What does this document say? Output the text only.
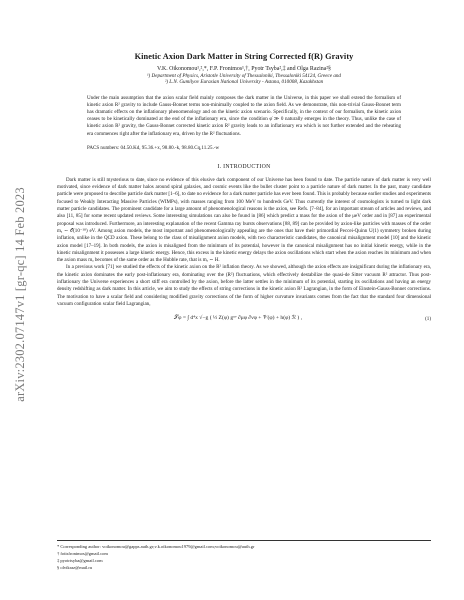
arXiv:2302.07147v1 [gr-qc] 14 Feb 2023
Kinetic Axion Dark Matter in String Corrected f(R) Gravity
V.K. Oikonomou¹,²,*, F.P. Fronimos¹,†, Pyotr Tsyba²,‡ and Olga Razina²§
¹) Department of Physics, Aristotle University of Thessaloniki, Thessaloniki 54124, Greece and
²) L.N. Gumilyov Eurasian National University - Astana, 010008, Kazakhstan
Under the main assumption that the axion scalar field mainly composes the dark matter in the Universe, in this paper we shall extend the formalism of kinetic axion R² gravity to include Gauss-Bonnet terms non-minimally coupled to the axion field. As we demonstrate, this non-trivial Gauss-Bonnet term has dramatic effects on the inflationary phenomenology and on the kinetic axion scenario. Specifically, in the context of our formalism, the kinetic axion ceases to be kinetically dominated at the end of the inflationary era, since the condition φ̇ ≫ 0 naturally emerges in the theory. Thus, unlike the case of kinetic axion R² gravity, the Gauss-Bonnet corrected kinetic axion R² gravity leads to an inflationary era which is not further extended and the reheating era commences right after the inflationary era, driven by the R² fluctuations.
PACS numbers: 04.50.Kd, 95.36.+x, 98.80.-k, 98.80.Cq,11.25.-w
I. INTRODUCTION

Dark matter is still mysterious to date, since no evidence of this elusive dark component of our Universe has been found to date. The particle nature of dark matter is very well motivated, since evidence of dark matter halos around spiral galaxies, and cosmic events like the bullet cluster point to a particle nature of dark matter. In the past, many candidate particle were proposed to describe particle dark matter [1–6], to date no evidence for a dark matter particle has ever been found. This is probably because earlier studies and experiments focused to Weakly Interacting Massive Particles (WIMPs), with masses ranging from 100 MeV to hundreds GeV. Thus currently the interest of cosmologists is turned to light dark matter particle candidates. The prominent candidate for a large amount of phenomenological reasons is the axion, see Refs. [7–84], for an important stream of articles and reviews, and also [11, 85] for some recent updated reviews. Some interesting simulations can also be found in [86] which predict a mass for the axion of the μeV order and in [87] an experimental proposal was introduced. Furthermore, an interesting explanation of the recent Gamma ray bursts observations [88, 89] can be provided by axion-like particles with masses of the order mₐ ∼ 𝒪(10⁻¹⁰) eV. Among axion models, the most important and phenomenologically appealing are the ones that have their primordial Peccei-Quinn U(1) symmetry broken during inflation, unlike in the QCD axion. These belong to the class of misalignment axion models, with two characteristic candidates, the canonical misalignment model [10] and the kinetic axion model [17–19]. In both models, the axion is misaligned from the minimum of its potential, however in the canonical misalignment has no initial kinetic energy, while in the kinetic misalignment it possesses a large kinetic energy. Hence, this excess in the kinetic energy delays the axion oscillations which start when the axion reaches its minimum and when the axion mass mₐ becomes of the same order as the Hubble rate, that is mₐ ∼ H.

In a previous work [71] we studied the effects of the kinetic axion on the R² inflation theory. As we showed, although the axion effects are insignificant during the inflationary era, the kinetic axion dominates the early post-inflationary era, dominating over the (R²) fluctuations, which effectively destabilize the quasi-de Sitter vacuum R² attractor. Thus post-inflationary the Universe experiences a short stiff era controlled by the axion, before the latter settles in the minimum of its potential, starting its oscillations and having an energy density redshifting as dark matter. In this article, we aim to study the effects of string corrections in the kinetic axion R² Lagrangian, in the form of Einstein-Gauss-Bonnet corrections. The motivation to have a scalar field and considering modified gravity corrections of the form of higher curvature invariants comes from the fact that the standard four dimensional vacuum configuration scalar field Lagrangian,

𝒮φ = ∫ d⁴x √−g ( ½ Z(φ) gᵘᵛ ∂μφ ∂νφ + 𝒱(φ) + h(φ) ℛ ) ,	(1)
* Corresponding author: voikonomou@gapps.auth.gr;v.k.oikonomou1979@gmail.com;voikonomou@auth.gr
† fotisfronimos@gmail.com
‡ pyotrtsyba@gmail.com
§ olvikraz@mail.ru
